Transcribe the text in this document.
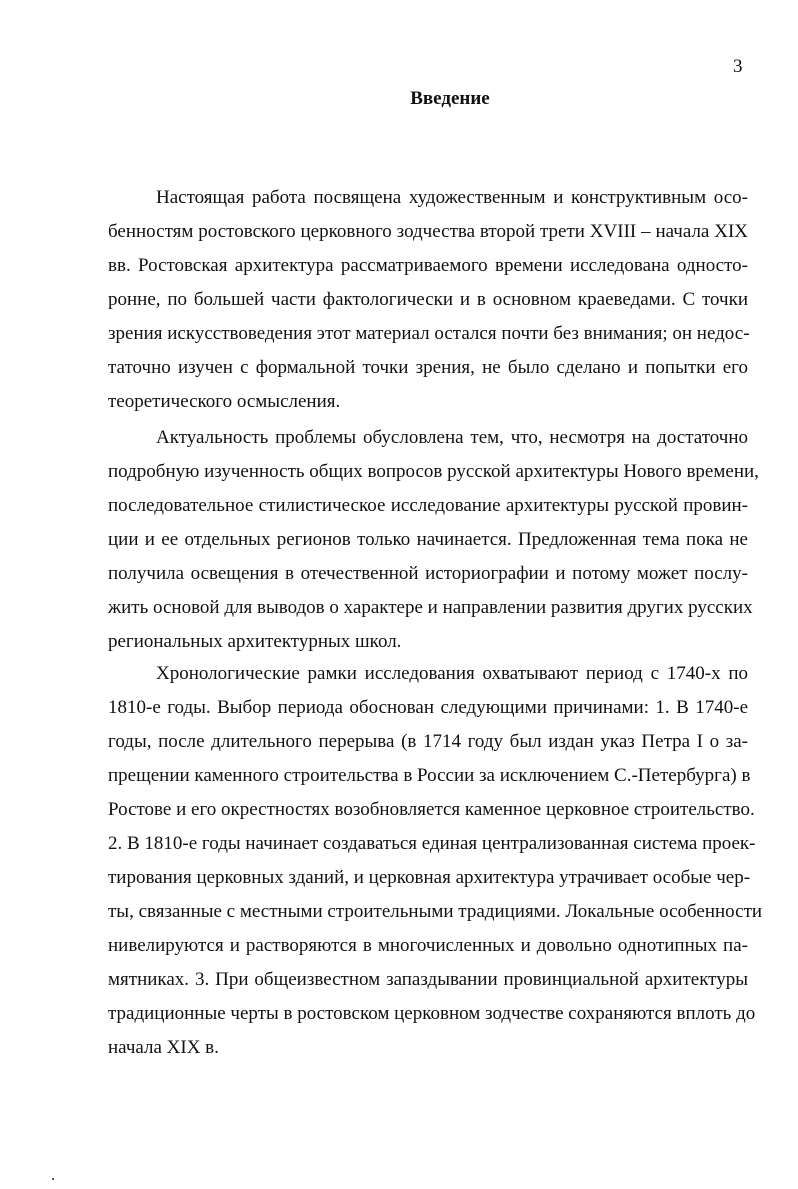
3
Введение
Настоящая работа посвящена художественным и конструктивным осо-
бенностям ростовского церковного зодчества второй трети XVIII – начала XIX
вв. Ростовская архитектура рассматриваемого времени исследована односто-
ронне, по большей части фактологически и в основном краеведами. С точки
зрения искусствоведения этот материал остался почти без внимания; он недос-
таточно изучен с формальной точки зрения, не было сделано и попытки его
теоретического осмысления.
Актуальность проблемы обусловлена тем, что, несмотря на достаточно
подробную изученность общих вопросов русской архитектуры Нового времени,
последовательное стилистическое исследование архитектуры русской провин-
ции и ее отдельных регионов только начинается. Предложенная тема пока не
получила освещения в отечественной историографии и потому может послу-
жить основой для выводов о характере и направлении развития других русских
региональных архитектурных школ.
Хронологические рамки исследования охватывают период с 1740-х по
1810-е годы. Выбор периода обоснован следующими причинами: 1. В 1740-е
годы, после длительного перерыва (в 1714 году был издан указ Петра I о за-
прещении каменного строительства в России за исключением С.-Петербурга) в
Ростове и его окрестностях возобновляется каменное церковное строительство.
2. В 1810-е годы начинает создаваться единая централизованная система проек-
тирования церковных зданий, и церковная архитектура утрачивает особые чер-
ты, связанные с местными строительными традициями. Локальные особенности
нивелируются и растворяются в многочисленных и довольно однотипных па-
мятниках. 3. При общеизвестном запаздывании провинциальной архитектуры
традиционные черты в ростовском церковном зодчестве сохраняются вплоть до
начала XIX в.
